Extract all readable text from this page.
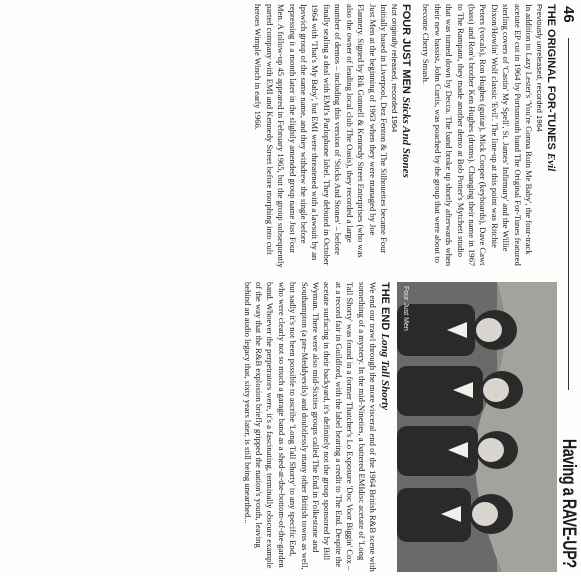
46
Having a RAVE-UP?

THE ORIGINAL FOR-TUNES Evil

Previously unreleased, recorded 1964

In addition to Lazy Lester's 'You're Gonna Ruin Me Baby', the four-track acetate EP cut in 1964 by Portsmouth band The Original For-Tunes featured sterling covers of 'Castin' My Spell', St. James' Infirmary' and the Willie Dixon/Howlin' Wolf classic 'Evil'. The line-up at this point was Ritchie Peters (vocals), Ron Hughes (guitar), Mick Cooper (keyboards), Dave Cawt (bass) and Ron's brother Ken Hughes (drums). Changing their name in 1967 to The Rampant, they made another demo at Bob Potter's Mytchett studio that was turned down by Decca. The band broke up shortly afterwards when their new bassist, John Curtis, was poached by the group that were about to become Cherry Smash.

FOUR JUST MEN Sticks And Stones

Not originally released, recorded 1964

Initially based in Liverpool, Dez Fenton & The Silhouettes became Four Just Men at the beginning of 1963 when they were managed by Joe Flannery. Signed by Rik Gunnell & Kennedy Street Enterprises (who was also the owner of leading local club The Oasis), they recorded a large number of demos – including this version of 'Sticks And Stones' – before finally sealing a deal with EMI's Parlophone label. They debuted in October 1964 with 'That's My Baby', but EMI were threatened with a lawsuit by an Ipswich group of the same name, and they withdrew the single before repressing it a month later in the slightly amended group name Just Four Men. A follow-up 45 appeared in February 1965, but the group subsequently parted company with EMI and Kennedy Street before morphing into cult heroes Wimple Winch in early 1966.

Four Just Men

THE END Long Tall Shorty

We end our trawl through the more visceral end of the 1964 British R&B scene with something of a mystery. In the mid-Nineties, a battered EMIdisc acetate of 'Long Tall Shorty' was found in a former Thatcher's Lo Exposure 'Doc Voor Biggin' Cox – at a record fair in Guildford, with the label bearing a credit to The End. Despite the acetate surfacing in their backyard, it's definitely not the group sponsored by Bill Wyman. There were also mid-Sixties groups called The End in Folkestone and Southampton (a pre-Meddyevils) and doubtlessly many other British towns as well, but sadly it's not been possible to ascribe 'Long Tall Shorty' to any specific End, who were clearly not so much a garage band as a shed-at-the-bottom-of-the-garden band. Whoever the perpetrators were, it's a fascinating, terminally obscure example of the way that the R&B explosion briefly gripped the nation's youth, leaving behind an audio legacy that, sixty years later, is still being unearthed...
